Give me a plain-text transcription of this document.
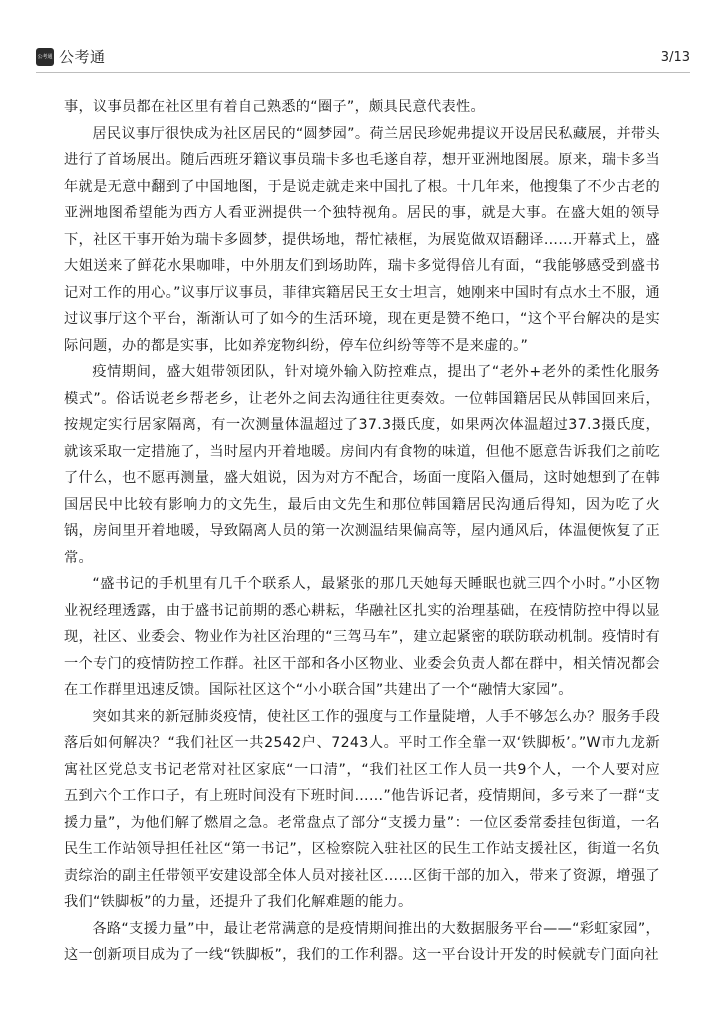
公考通 公考通	3/13

事，议事员都在社区里有着自己熟悉的“圈子”，颇具民意代表性。

居民议事厅很快成为社区居民的“圆梦园”。荷兰居民珍妮弗提议开设居民私藏展，并带头进行了首场展出。随后西班牙籍议事员瑞卡多也毛遂自荐，想开亚洲地图展。原来，瑞卡多当年就是无意中翻到了中国地图，于是说走就走来中国扎了根。十几年来，他搜集了不少古老的亚洲地图希望能为西方人看亚洲提供一个独特视角。居民的事，就是大事。在盛大姐的领导下，社区干事开始为瑞卡多圆梦，提供场地，帮忙裱框，为展览做双语翻译……开幕式上，盛大姐送来了鲜花水果咖啡，中外朋友们到场助阵，瑞卡多觉得倍儿有面，“我能够感受到盛书记对工作的用心。”议事厅议事员，菲律宾籍居民王女士坦言，她刚来中国时有点水土不服，通过议事厅这个平台，渐渐认可了如今的生活环境，现在更是赞不绝口，“这个平台解决的是实际问题，办的都是实事，比如养宠物纠纷，停车位纠纷等等不是来虚的。”

疫情期间，盛大姐带领团队，针对境外输入防控难点，提出了“老外+老外的柔性化服务模式”。俗话说老乡帮老乡，让老外之间去沟通往往更奏效。一位韩国籍居民从韩国回来后，按规定实行居家隔离，有一次测量体温超过了37.3摄氏度，如果两次体温超过37.3摄氏度，就该采取一定措施了，当时屋内开着地暖。房间内有食物的味道，但他不愿意告诉我们之前吃了什么，也不愿再测量，盛大姐说，因为对方不配合，场面一度陷入僵局，这时她想到了在韩国居民中比较有影响力的文先生，最后由文先生和那位韩国籍居民沟通后得知，因为吃了火锅，房间里开着地暖，导致隔离人员的第一次测温结果偏高等，屋内通风后，体温便恢复了正常。

“盛书记的手机里有几千个联系人，最紧张的那几天她每天睡眠也就三四个小时。”小区物业祝经理透露，由于盛书记前期的悉心耕耘，华融社区扎实的治理基础，在疫情防控中得以显现，社区、业委会、物业作为社区治理的“三驾马车”，建立起紧密的联防联动机制。疫情时有一个专门的疫情防控工作群。社区干部和各小区物业、业委会负责人都在群中，相关情况都会在工作群里迅速反馈。国际社区这个“小小联合国”共建出了一个“融情大家园”。

突如其来的新冠肺炎疫情，使社区工作的强度与工作量陡增，人手不够怎么办？服务手段落后如何解决？“我们社区一共2542户、7243人。平时工作全靠一双‘铁脚板’。”W市九龙新寓社区党总支书记老常对社区家底“一口清”，“我们社区工作人员一共9个人，一个人要对应五到六个工作口子，有上班时间没有下班时间……”他告诉记者，疫情期间，多亏来了一群“支援力量”，为他们解了燃眉之急。老常盘点了部分“支援力量”：一位区委常委挂包街道，一名民生工作站领导担任社区“第一书记”，区检察院入驻社区的民生工作站支援社区，街道一名负责综治的副主任带领平安建设部全体人员对接社区……区街干部的加入，带来了资源，增强了我们“铁脚板”的力量，还提升了我们化解难题的能力。

各路“支援力量”中，最让老常满意的是疫情期间推出的大数据服务平台——“彩虹家园”，这一创新项目成为了一线“铁脚板”，我们的工作利器。这一平台设计开发的时候就专门面向社
